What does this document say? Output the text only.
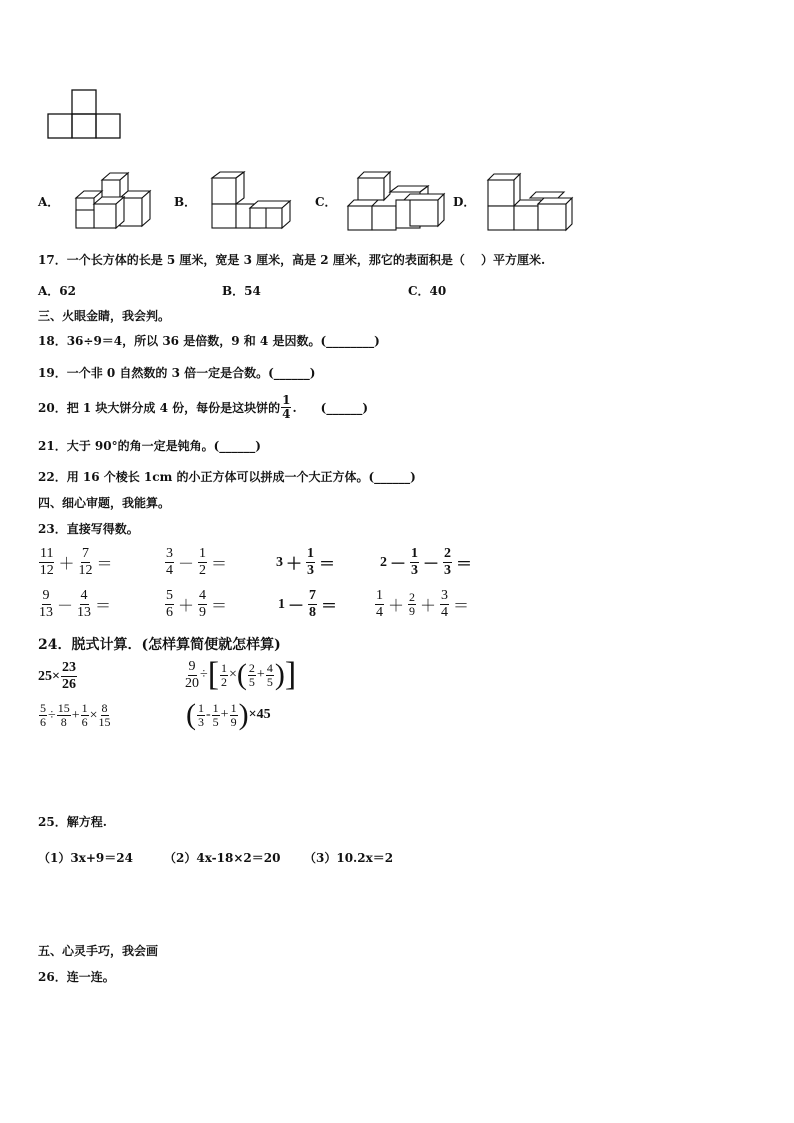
A．	B．	C．	D．
17．一个长方体的长是 5 厘米，宽是 3 厘米，高是 2 厘米，那它的表面积是（　 ）平方厘米.
A．62	B．54	C．40
三、火眼金睛，我会判。
18．36÷9＝4，所以 36 是倍数，9 和 4 是因数。(________)
19．一个非 0 自然数的 3 倍一定是合数。(______)
20．把 1 块大饼分成 4 份，每份是这块饼的 $\frac{1}{4}$ .　　(______)
21．大于 90°的角一定是钝角。(______)
22．用 16 个棱长 1cm 的小正方体可以拼成一个大正方体。(______)
四、细心审题，我能算。
23．直接写得数。
$\frac{11}{12} + \frac{7}{12}$ ＝	$\frac{3}{4} - \frac{1}{2}$ ＝	$3 + \frac{1}{3}$ ＝	$2 - \frac{1}{3} - \frac{2}{3}$ ＝
$\frac{9}{13} - \frac{4}{13}$ ＝	$\frac{5}{6} + \frac{4}{9}$ ＝	$1 - \frac{7}{8}$ ＝	$\frac{1}{4} + \frac{2}{9} + \frac{3}{4}$ ＝
24．脱式计算．(怎样算简便就怎样算)
$25 \times \frac{23}{26}$	$\frac{9}{20}$ ÷ [ $\frac{1}{2}$ × ( $\frac{2}{5} + \frac{4}{5}$ ) ]
$\frac{5}{6} \div \frac{15}{8} + \frac{1}{6} \times \frac{8}{15}$	( $\frac{1}{3} - \frac{1}{5} + \frac{1}{9}$ ) × 45
25．解方程.
（1）3x+9＝24	（2）4x-18×2＝20 （3）10.2x＝2
五、心灵手巧，我会画
26．连一连。
